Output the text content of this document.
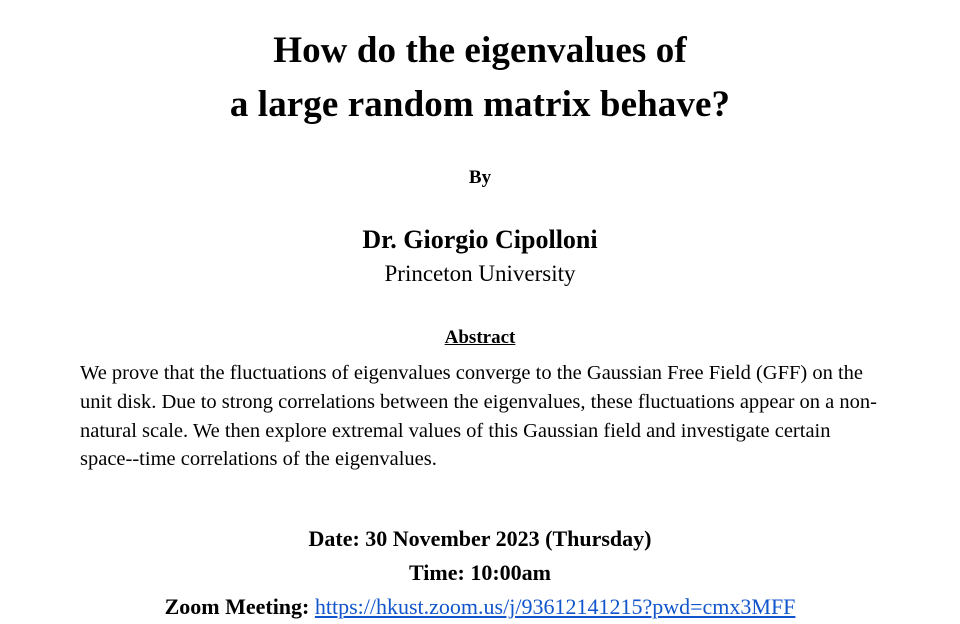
How do the eigenvalues of
a large random matrix behave?
By
Dr. Giorgio Cipolloni
Princeton University
Abstract

We prove that the fluctuations of eigenvalues converge to the Gaussian Free Field (GFF) on the unit disk. Due to strong correlations between the eigenvalues, these fluctuations appear on a non-natural scale. We then explore extremal values of this Gaussian field and investigate certain space--time correlations of the eigenvalues.

Date: 30 November 2023 (Thursday)
Time: 10:00am
Zoom Meeting: https://hkust.zoom.us/j/93612141215?pwd=cmx3MFF
